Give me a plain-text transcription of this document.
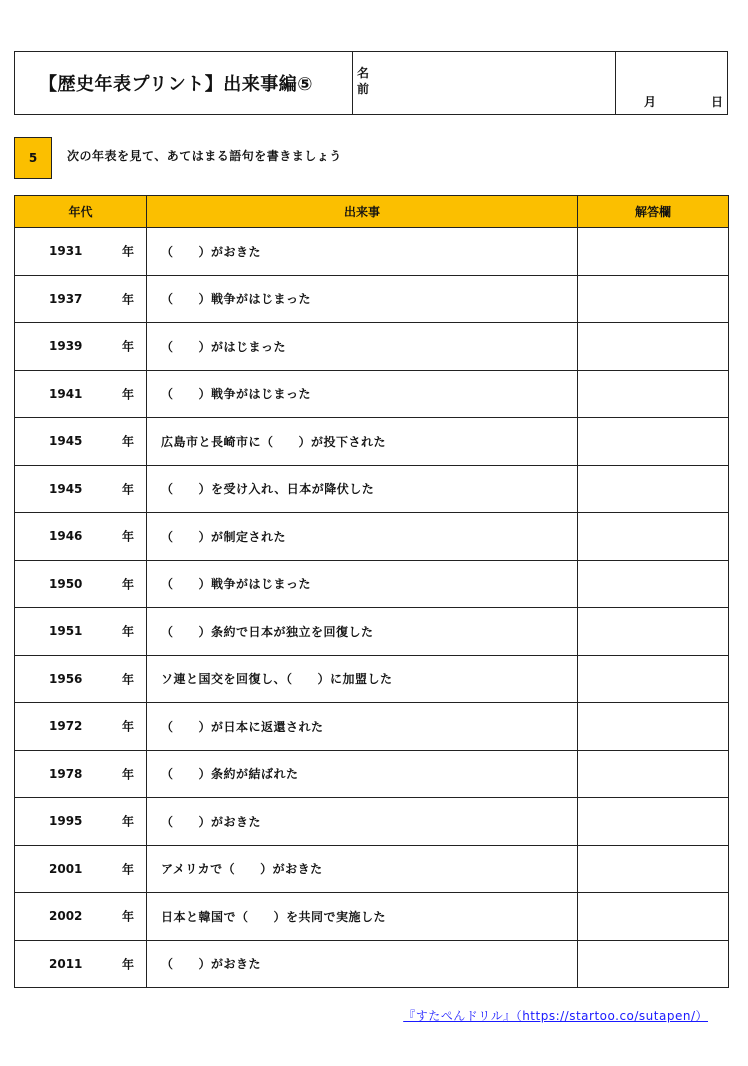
【歴史年表プリント】出来事編⑤
名前
月	日
5	次の年表を見て、あてはまる語句を書きましょう
年代	出来事	解答欄

1931 年	（　　）がおきた	

1937 年	（　　）戦争がはじまった	

1939 年	（　　）がはじまった	

1941 年	（　　）戦争がはじまった	

1945 年	広島市と長崎市に（　　）が投下された	

1945 年	（　　）を受け入れ、日本が降伏した	

1946 年	（　　）が制定された	

1950 年	（　　）戦争がはじまった	

1951 年	（　　）条約で日本が独立を回復した	

1956 年	ソ連と国交を回復し、（　　）に加盟した	

1972 年	（　　）が日本に返還された	

1978 年	（　　）条約が結ばれた	

1995 年	（　　）がおきた	

2001 年	アメリカで（　　）がおきた	

2002 年	日本と韓国で（　　）を共同で実施した	

2011 年	（　　）がおきた	
『すたぺんドリル』（https://startoo.co/sutapen/）
